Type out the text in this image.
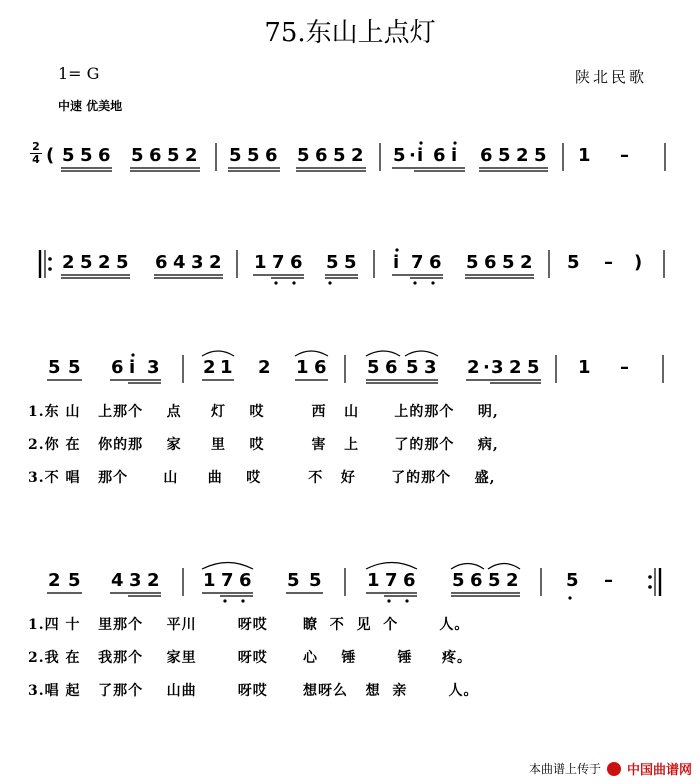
75.东山上点灯
1= G	陕北民歌
中速 优美地
2
4 ( 5 5 6 5 6 5 2 5 5 6 5 6 5 2 5 · i 6 i 6 5 2 5 1 –
2 5 2 5 6 4 3 2 1 7 6 5 5 i 7 6 5 6 5 2 5 – )
5 5 6 i 3 2 1 2 1 6 5 6 5 3 2 · 3 2 5 1 –
1.东 山   上那个    点     灯    哎        西   山      上的那个    明,
2.你 在   你的那    家     里    哎        害   上      了的那个    病,
3.不 唱   那个      山     曲    哎        不   好      了的那个    盛,
2 5 4 3 2 1 7 6 5 5	1 7 6 5 6 5 2	5 –
1.四 十   里那个    平川       呀哎      瞭  不  见  个       人。
2.我 在   我那个    家里       呀哎      心    锤       锤     疼。
3.唱 起   了那个    山曲       呀哎      想呀么   想  亲       人。
本曲谱上传于 中国曲谱网
